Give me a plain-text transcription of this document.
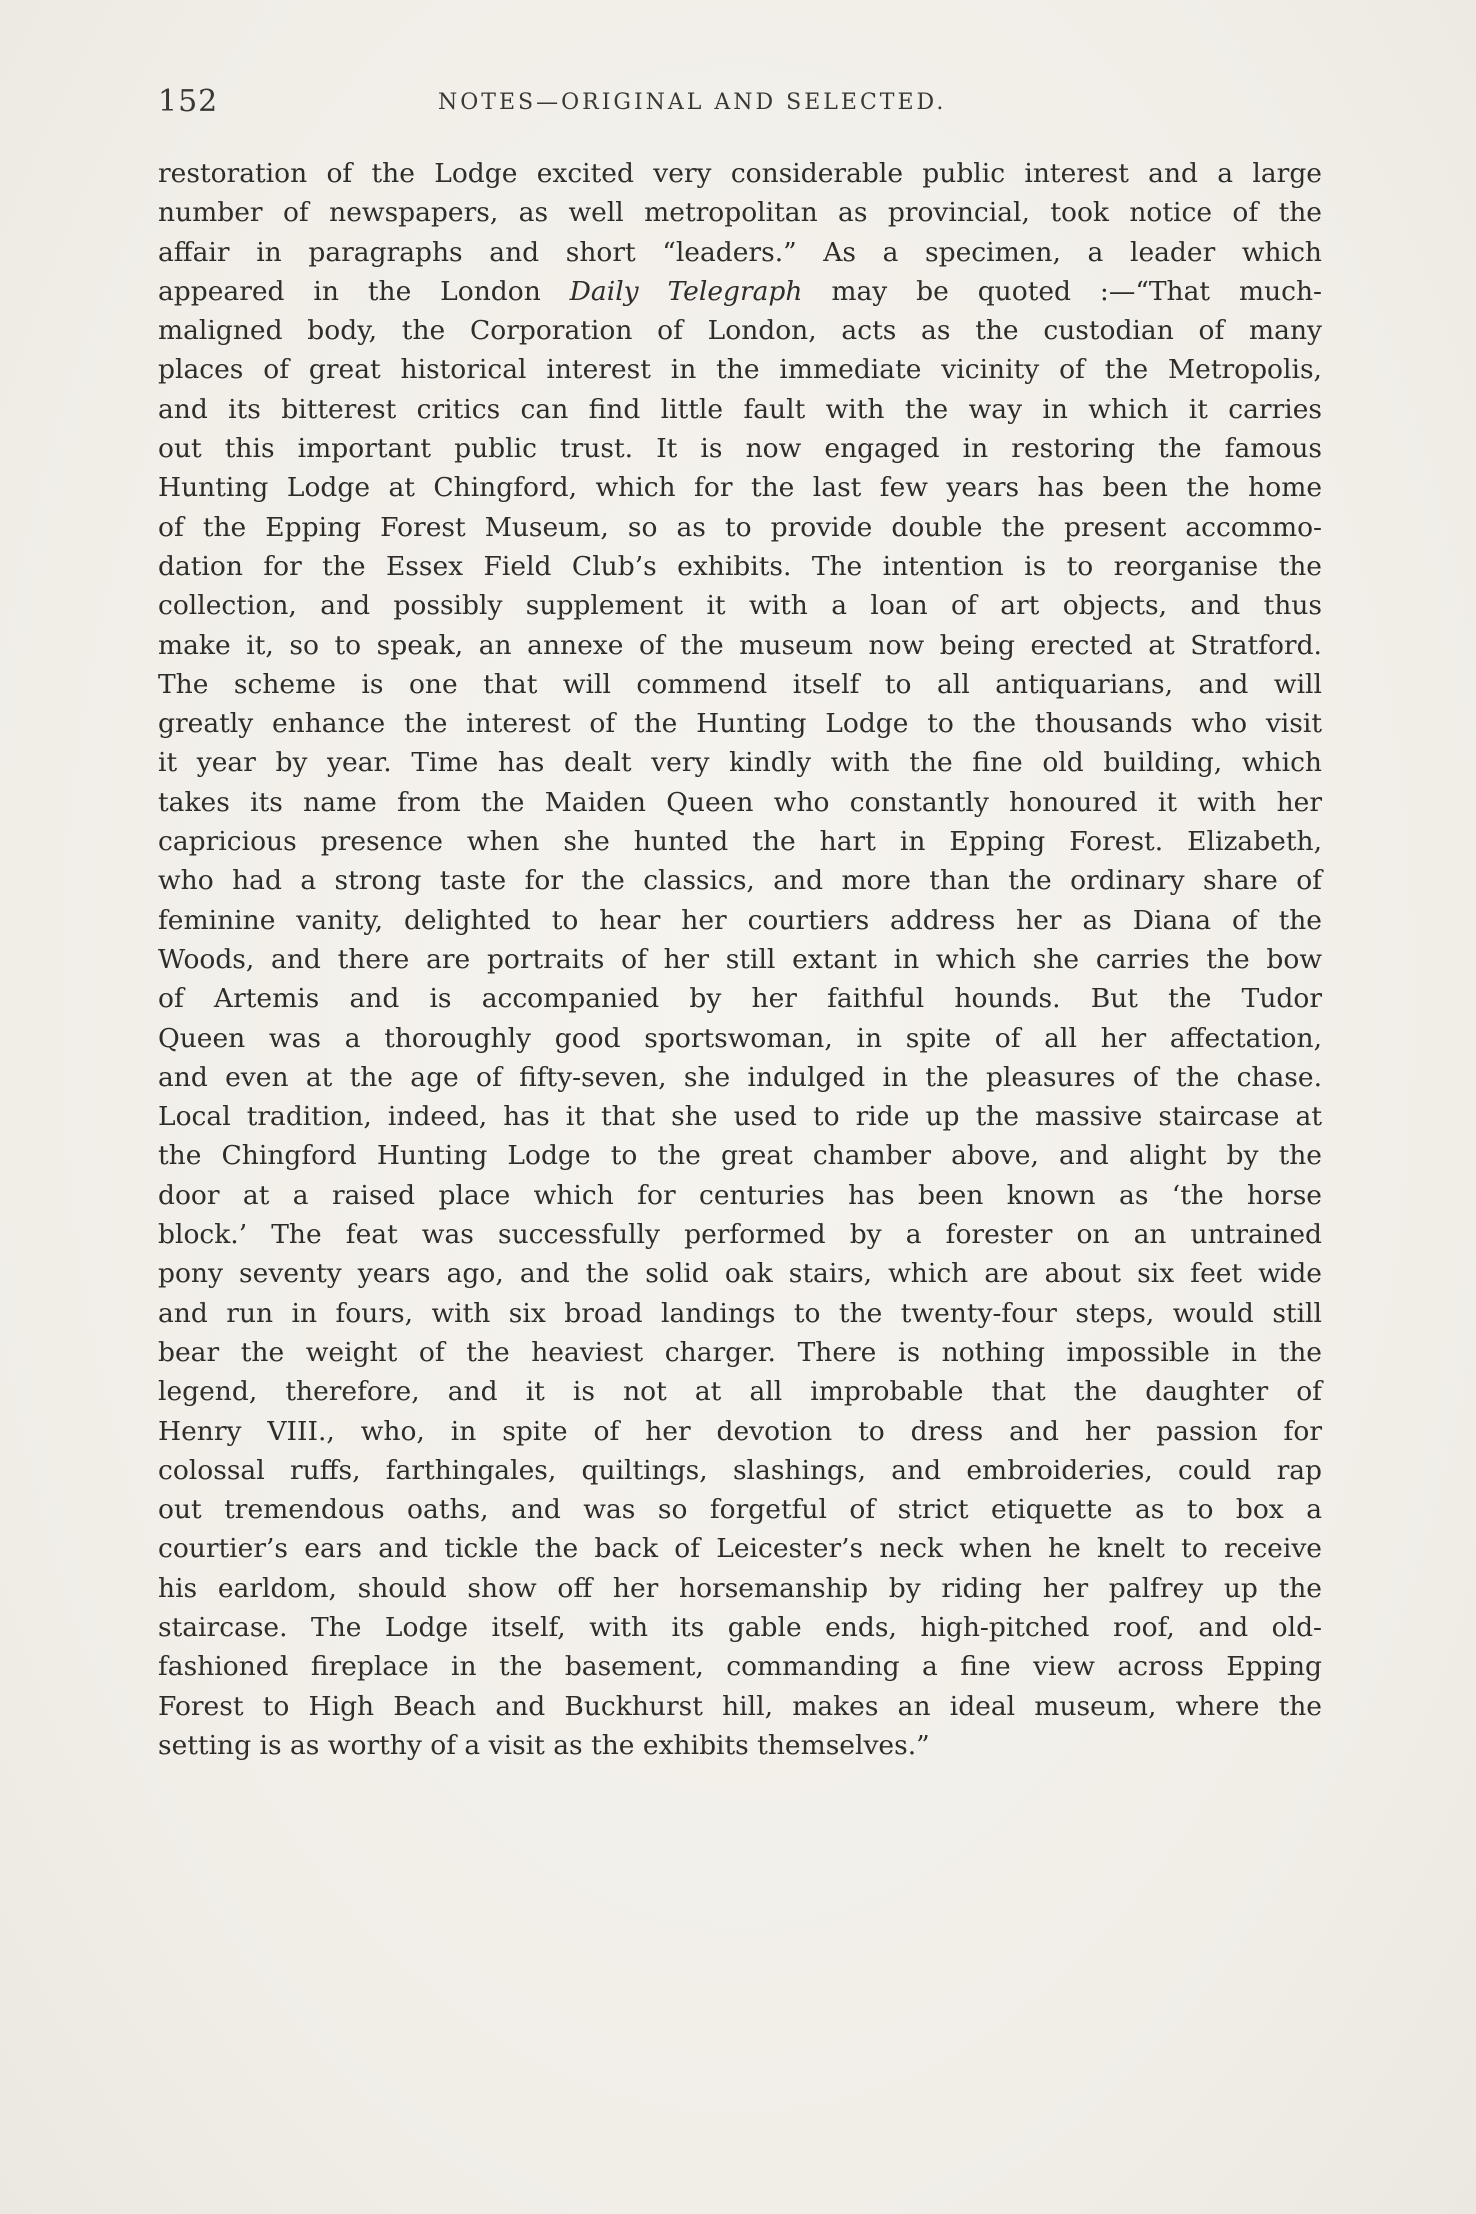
152	NOTES—ORIGINAL AND SELECTED.
restoration of the Lodge excited very considerable public interest and a large
number of newspapers, as well metropolitan as provincial, took notice of the
affair in paragraphs and short “leaders.” As a specimen, a leader which
appeared in the London Daily Telegraph may be quoted :—“That much-
maligned body, the Corporation of London, acts as the custodian of many
places of great historical interest in the immediate vicinity of the Metropolis,
and its bitterest critics can find little fault with the way in which it carries
out this important public trust. It is now engaged in restoring the famous
Hunting Lodge at Chingford, which for the last few years has been the home
of the Epping Forest Museum, so as to provide double the present accommo-
dation for the Essex Field Club’s exhibits. The intention is to reorganise the
collection, and possibly supplement it with a loan of art objects, and thus
make it, so to speak, an annexe of the museum now being erected at Stratford.
The scheme is one that will commend itself to all antiquarians, and will
greatly enhance the interest of the Hunting Lodge to the thousands who visit
it year by year. Time has dealt very kindly with the fine old building, which
takes its name from the Maiden Queen who constantly honoured it with her
capricious presence when she hunted the hart in Epping Forest. Elizabeth,
who had a strong taste for the classics, and more than the ordinary share of
feminine vanity, delighted to hear her courtiers address her as Diana of the
Woods, and there are portraits of her still extant in which she carries the bow
of Artemis and is accompanied by her faithful hounds. But the Tudor
Queen was a thoroughly good sportswoman, in spite of all her affectation,
and even at the age of fifty-seven, she indulged in the pleasures of the chase.
Local tradition, indeed, has it that she used to ride up the massive staircase at
the Chingford Hunting Lodge to the great chamber above, and alight by the
door at a raised place which for centuries has been known as ‘the horse
block.’ The feat was successfully performed by a forester on an untrained
pony seventy years ago, and the solid oak stairs, which are about six feet wide
and run in fours, with six broad landings to the twenty-four steps, would still
bear the weight of the heaviest charger. There is nothing impossible in the
legend, therefore, and it is not at all improbable that the daughter of
Henry VIII., who, in spite of her devotion to dress and her passion for
colossal ruffs, farthingales, quiltings, slashings, and embroideries, could rap
out tremendous oaths, and was so forgetful of strict etiquette as to box a
courtier’s ears and tickle the back of Leicester’s neck when he knelt to receive
his earldom, should show off her horsemanship by riding her palfrey up the
staircase. The Lodge itself, with its gable ends, high-pitched roof, and old-
fashioned fireplace in the basement, commanding a fine view across Epping
Forest to High Beach and Buckhurst hill, makes an ideal museum, where the
setting is as worthy of a visit as the exhibits themselves.”
